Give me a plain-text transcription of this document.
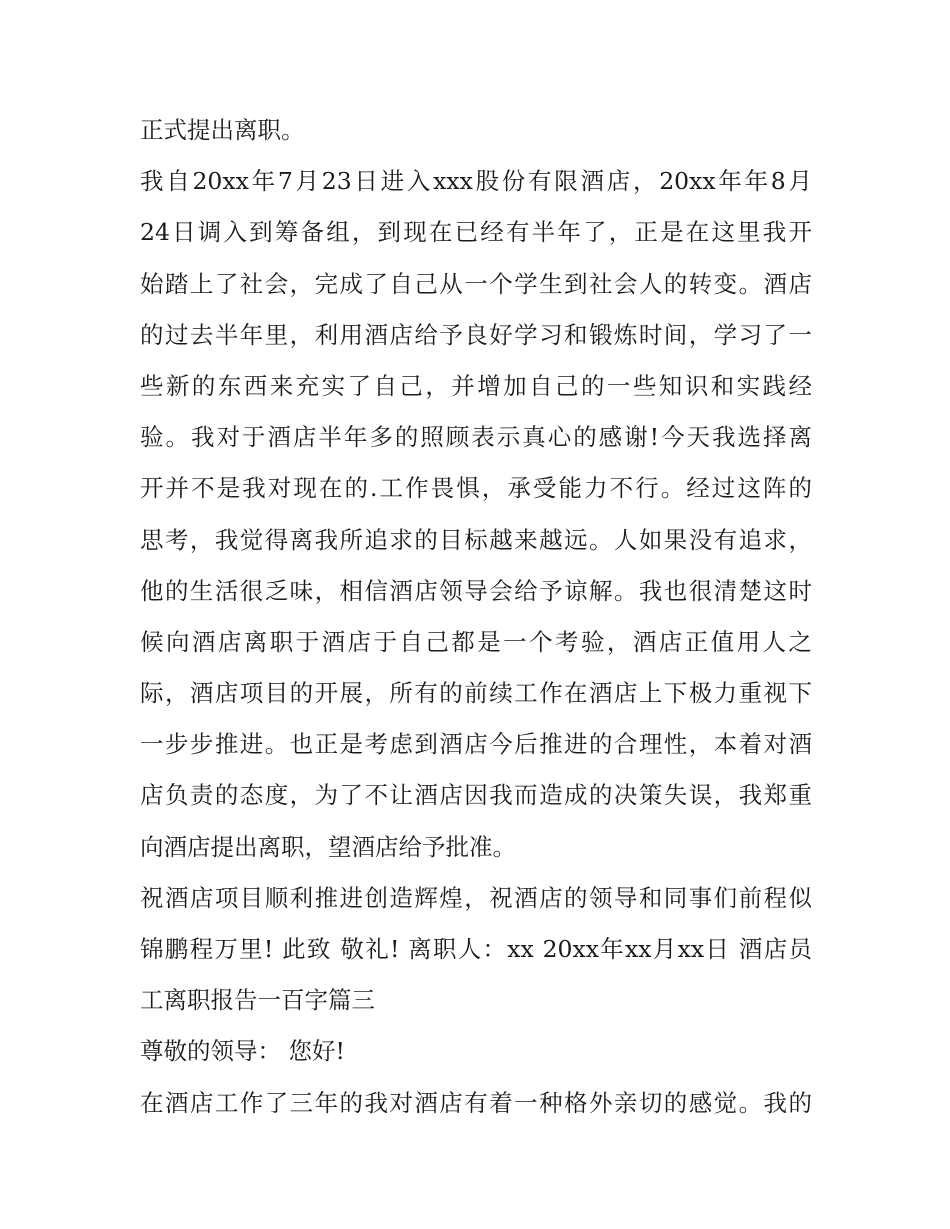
正式提出离职。
我自20xx年7月23日进入xxx股份有限酒店，20xx年年8月
24日调入到筹备组，到现在已经有半年了，正是在这里我开
始踏上了社会，完成了自己从一个学生到社会人的转变。酒店
的过去半年里，利用酒店给予良好学习和锻炼时间，学习了一
些新的东西来充实了自己，并增加自己的一些知识和实践经
验。我对于酒店半年多的照顾表示真心的感谢!今天我选择离
开并不是我对现在的.工作畏惧，承受能力不行。经过这阵的
思考，我觉得离我所追求的目标越来越远。人如果没有追求，
他的生活很乏味，相信酒店领导会给予谅解。我也很清楚这时
候向酒店离职于酒店于自己都是一个考验，酒店正值用人之
际，酒店项目的开展，所有的前续工作在酒店上下极力重视下
一步步推进。也正是考虑到酒店今后推进的合理性，本着对酒
店负责的态度，为了不让酒店因我而造成的决策失误，我郑重
向酒店提出离职，望酒店给予批准。
祝酒店项目顺利推进创造辉煌，祝酒店的领导和同事们前程似
锦鹏程万里! 此致 敬礼! 离职人：xx 20xx年xx月xx日 酒店员
工离职报告一百字篇三
尊敬的领导： 您好!
在酒店工作了三年的我对酒店有着一种格外亲切的感觉。我的
